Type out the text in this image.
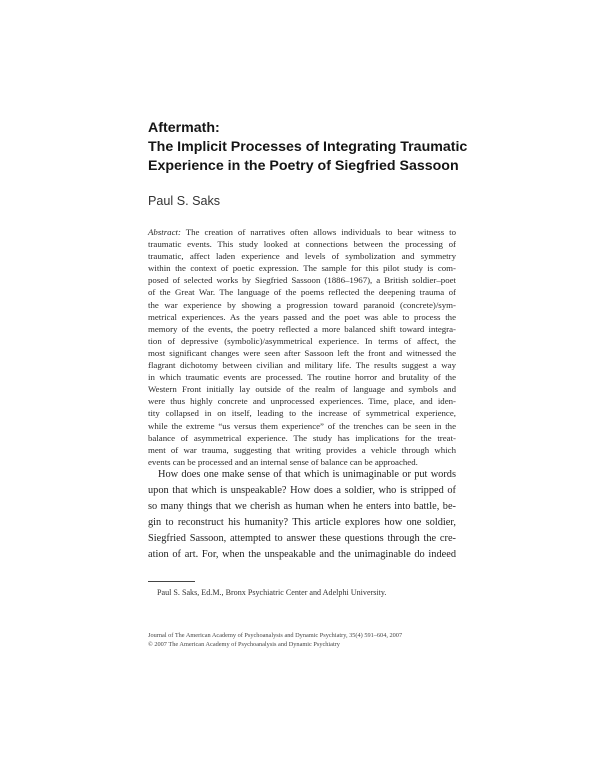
Aftermath:
The Implicit Processes of Integrating Traumatic
Experience in the Poetry of Siegfried Sassoon
Paul S. Saks
Abstract: The creation of narratives often allows individuals to bear witness to
traumatic events. This study looked at connections between the processing of
traumatic, affect laden experience and levels of symbolization and symmetry
within the context of poetic expression. The sample for this pilot study is com-
posed of selected works by Siegfried Sassoon (1886–1967), a British soldier–poet
of the Great War. The language of the poems reflected the deepening trauma of
the war experience by showing a progression toward paranoid (concrete)/sym-
metrical experiences. As the years passed and the poet was able to process the
memory of the events, the poetry reflected a more balanced shift toward integra-
tion of depressive (symbolic)/asymmetrical experience. In terms of affect, the
most significant changes were seen after Sassoon left the front and witnessed the
flagrant dichotomy between civilian and military life. The results suggest a way
in which traumatic events are processed. The routine horror and brutality of the
Western Front initially lay outside of the realm of language and symbols and
were thus highly concrete and unprocessed experiences. Time, place, and iden-
tity collapsed in on itself, leading to the increase of symmetrical experience,
while the extreme “us versus them experience” of the trenches can be seen in the
balance of asymmetrical experience. The study has implications for the treat-
ment of war trauma, suggesting that writing provides a vehicle through which
events can be processed and an internal sense of balance can be approached.
How does one make sense of that which is unimaginable or put words
upon that which is unspeakable? How does a soldier, who is stripped of
so many things that we cherish as human when he enters into battle, be-
gin to reconstruct his humanity? This article explores how one soldier,
Siegfried Sassoon, attempted to answer these questions through the cre-
ation of art. For, when the unspeakable and the unimaginable do indeed
Paul S. Saks, Ed.M., Bronx Psychiatric Center and Adelphi University.
Journal of The American Academy of Psychoanalysis and Dynamic Psychiatry, 35(4) 591–604, 2007
© 2007 The American Academy of Psychoanalysis and Dynamic Psychiatry
